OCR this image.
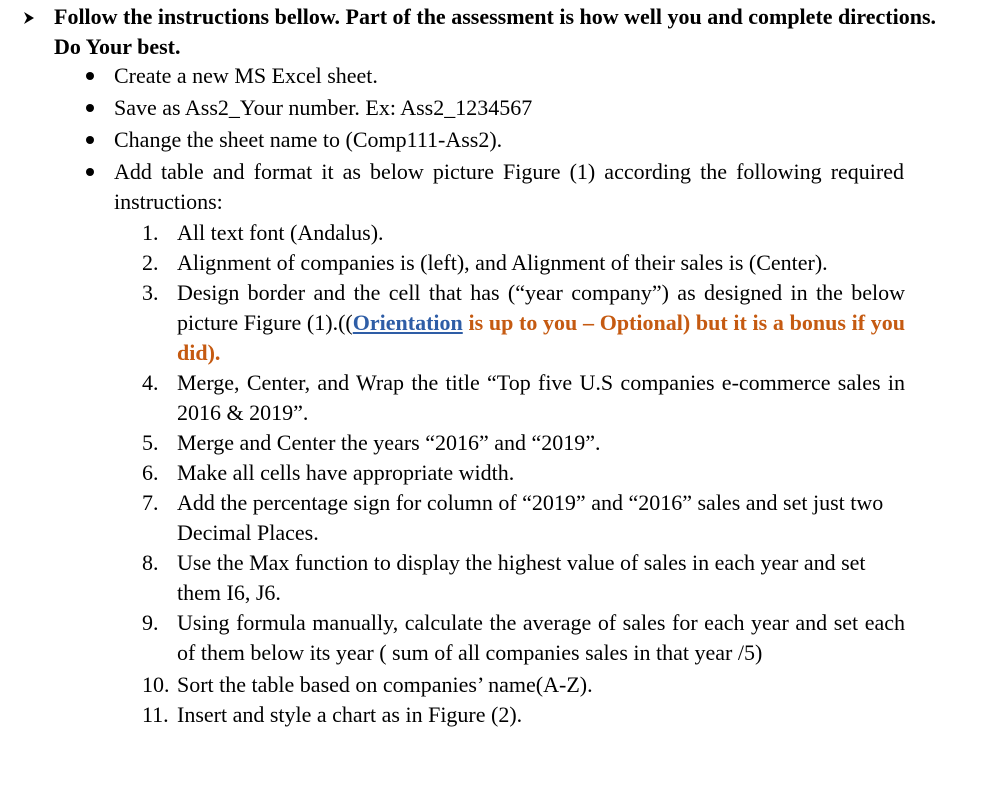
Follow the instructions bellow. Part of the assessment is how well you and complete directions. Do Your best.
Create a new MS Excel sheet.
Save as Ass2_Your number. Ex: Ass2_1234567
Change the sheet name to (Comp111-Ass2).
Add table and format it as below picture Figure (1) according the following required instructions:
1. All text font (Andalus).
2. Alignment of companies is (left), and Alignment of their sales is (Center).
3. Design border and the cell that has (“year company”) as designed in the below picture Figure (1).((Orientation is up to you – Optional) but it is a bonus if you did).
4. Merge, Center, and Wrap the title “Top five U.S companies e-commerce sales in 2016 & 2019”.
5. Merge and Center the years “2016” and “2019”.
6. Make all cells have appropriate width.
7. Add the percentage sign for column of “2019” and “2016” sales and set just two Decimal Places.
8. Use the Max function to display the highest value of sales in each year and set them I6, J6.
9. Using formula manually, calculate the average of sales for each year and set each of them below its year ( sum of all companies sales in that year /5)
10. Sort the table based on companies’ name(A-Z).
11. Insert and style a chart as in Figure (2).
